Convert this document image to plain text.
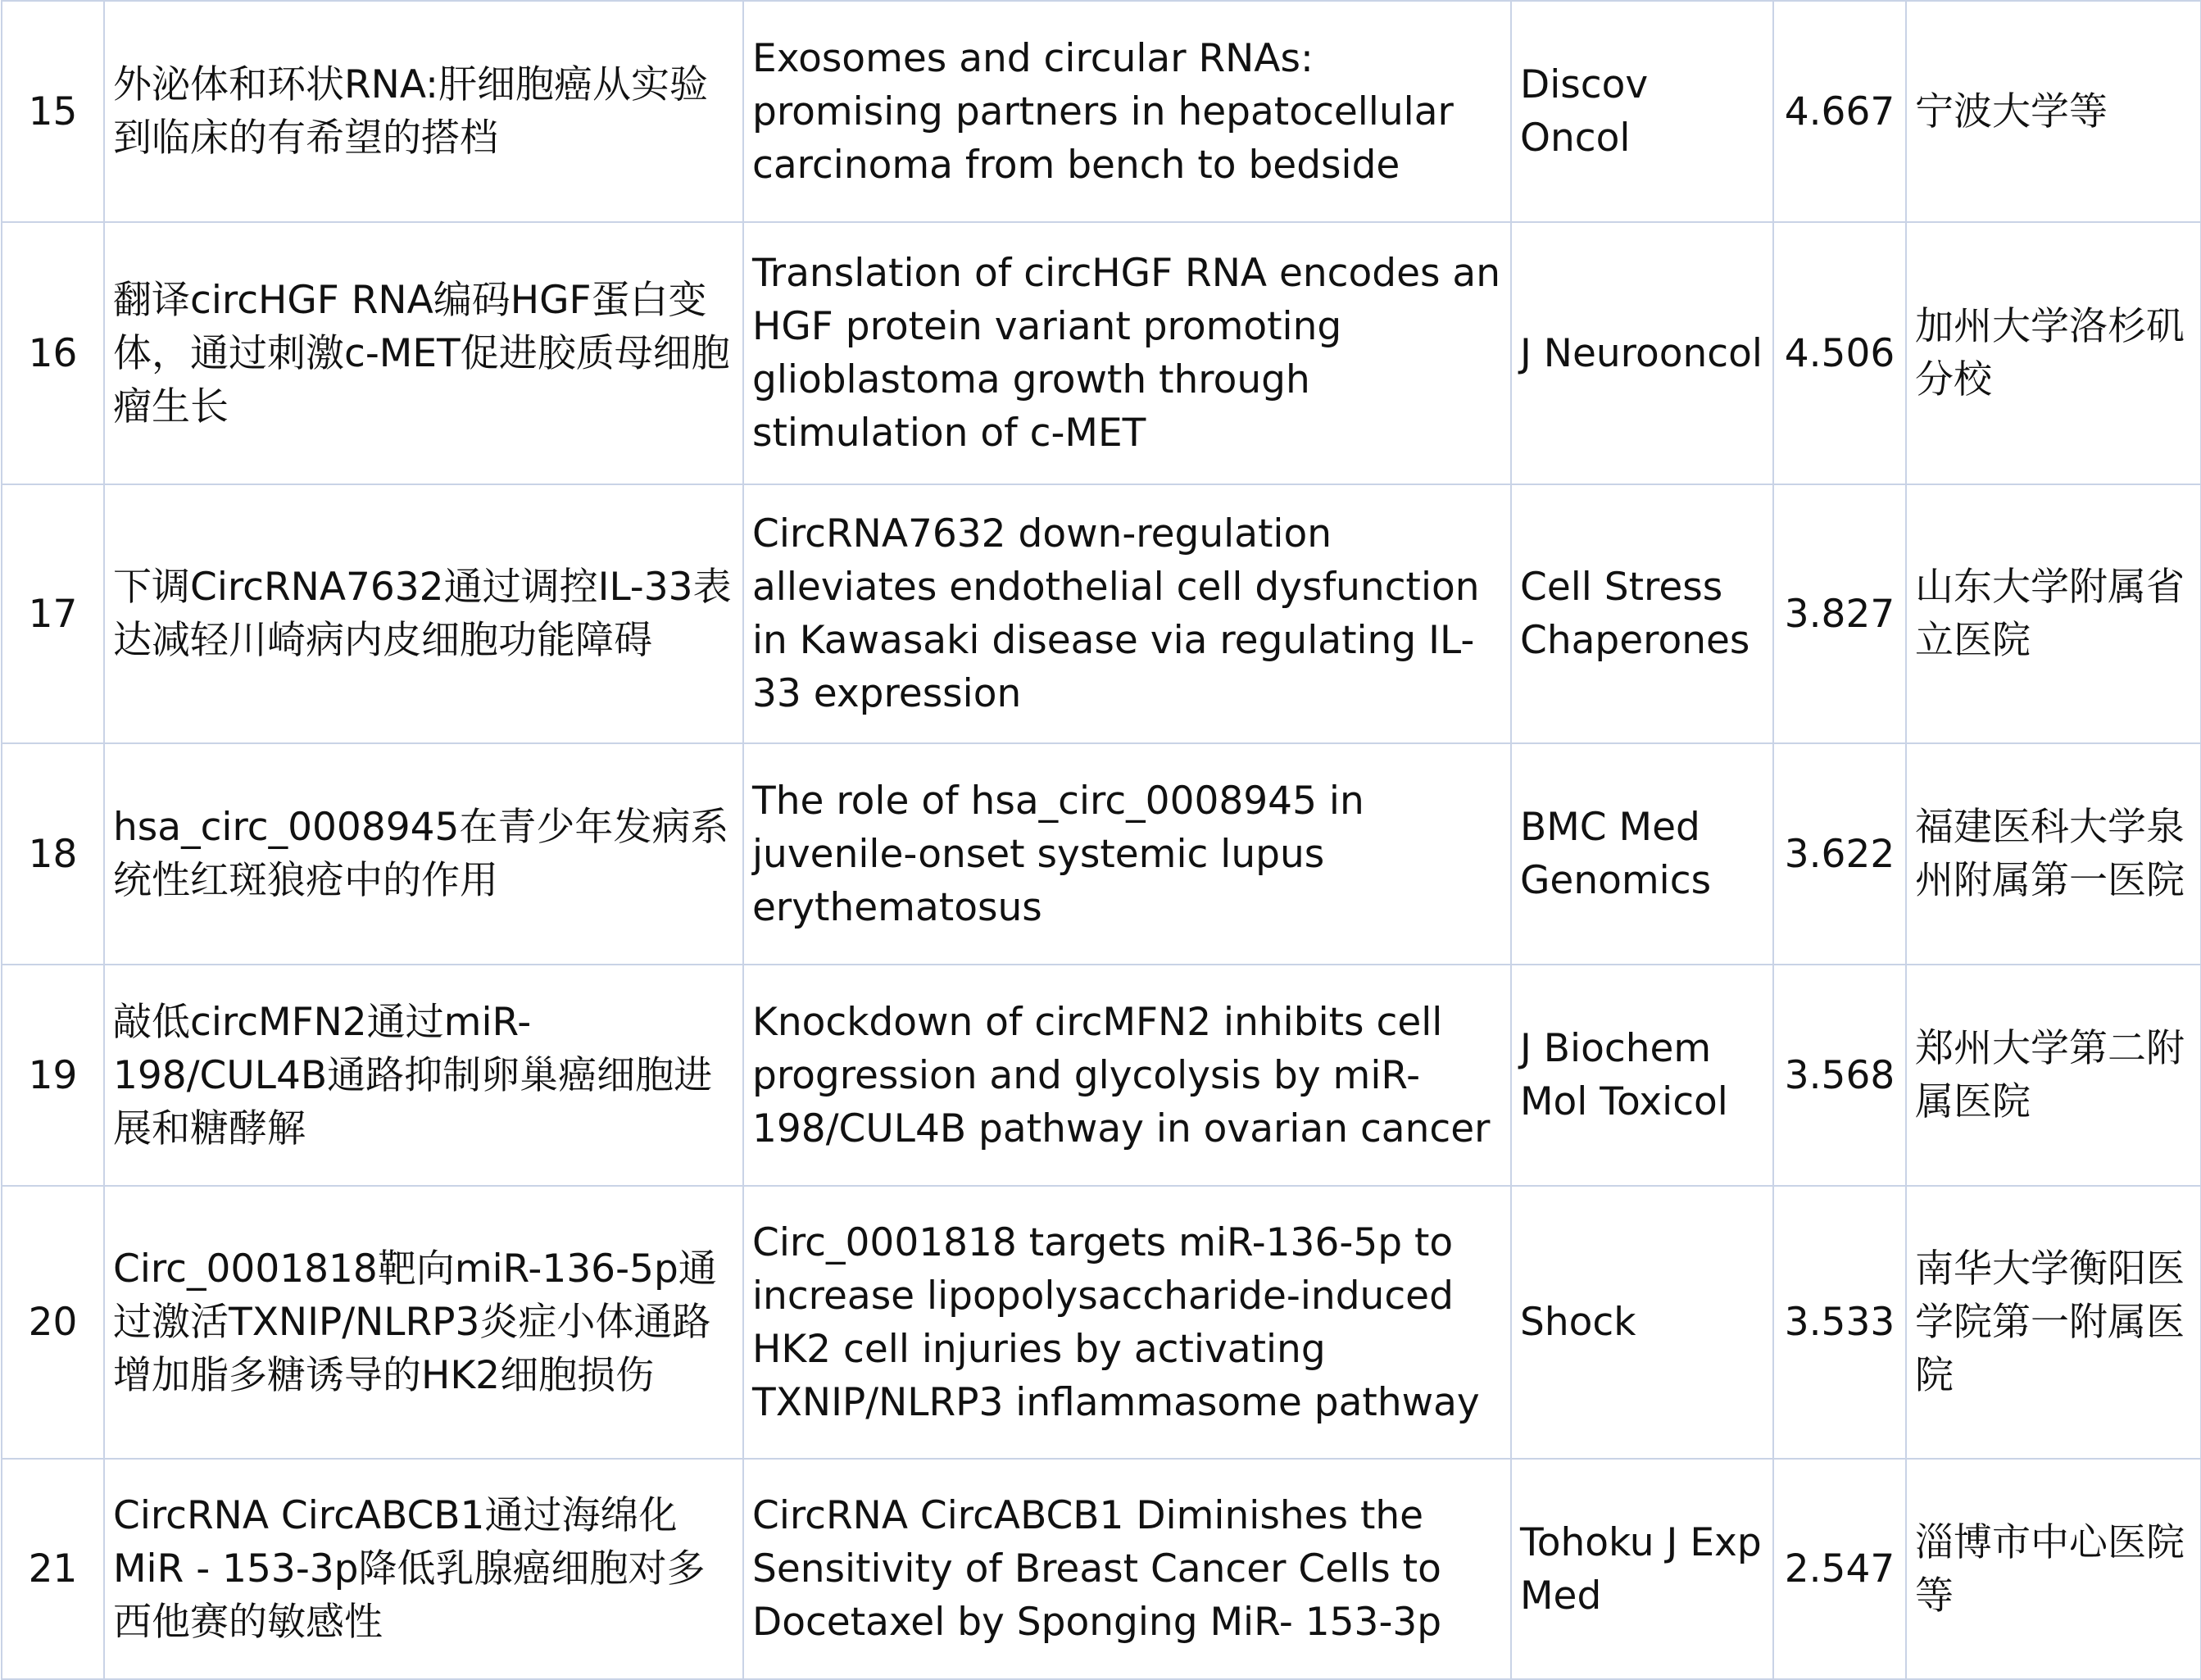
15	外泌体和环状RNA:肝细胞癌从实验到临床的有希望的搭档	Exosomes and circular RNAs: promising partners in hepatocellular carcinoma from bench to bedside	Discov Oncol	4.667	宁波大学等
16	翻译circHGF RNA编码HGF蛋白变体，通过刺激c-MET促进胶质母细胞瘤生长	Translation of circHGF RNA encodes an HGF protein variant promoting glioblastoma growth through stimulation of c-MET	J Neurooncol	4.506	加州大学洛杉矶分校
17	下调CircRNA7632通过调控IL-33表达减轻川崎病内皮细胞功能障碍	CircRNA7632 down-regulation alleviates endothelial cell dysfunction in Kawasaki disease via regulating IL-33 expression	Cell Stress Chaperones	3.827	山东大学附属省立医院
18	hsa_circ_0008945在青少年发病系统性红斑狼疮中的作用	The role of hsa_circ_0008945 in juvenile-onset systemic lupus erythematosus	BMC Med Genomics	3.622	福建医科大学泉州附属第一医院
19	敲低circMFN2通过miR-198/CUL4B通路抑制卵巢癌细胞进展和糖酵解	Knockdown of circMFN2 inhibits cell progression and glycolysis by miR-198/CUL4B pathway in ovarian cancer	J Biochem Mol Toxicol	3.568	郑州大学第二附属医院
20	Circ_0001818靶向miR-136-5p通过激活TXNIP/NLRP3炎症小体通路增加脂多糖诱导的HK2细胞损伤	Circ_0001818 targets miR-136-5p to increase lipopolysaccharide-induced HK2 cell injuries by activating TXNIP/NLRP3 inflammasome pathway	Shock	3.533	南华大学衡阳医学院第一附属医院
21	CircRNA CircABCB1通过海绵化MiR - 153-3p降低乳腺癌细胞对多西他赛的敏感性	CircRNA CircABCB1 Diminishes the Sensitivity of Breast Cancer Cells to Docetaxel by Sponging MiR- 153-3p	Tohoku J Exp Med	2.547	淄博市中心医院等
